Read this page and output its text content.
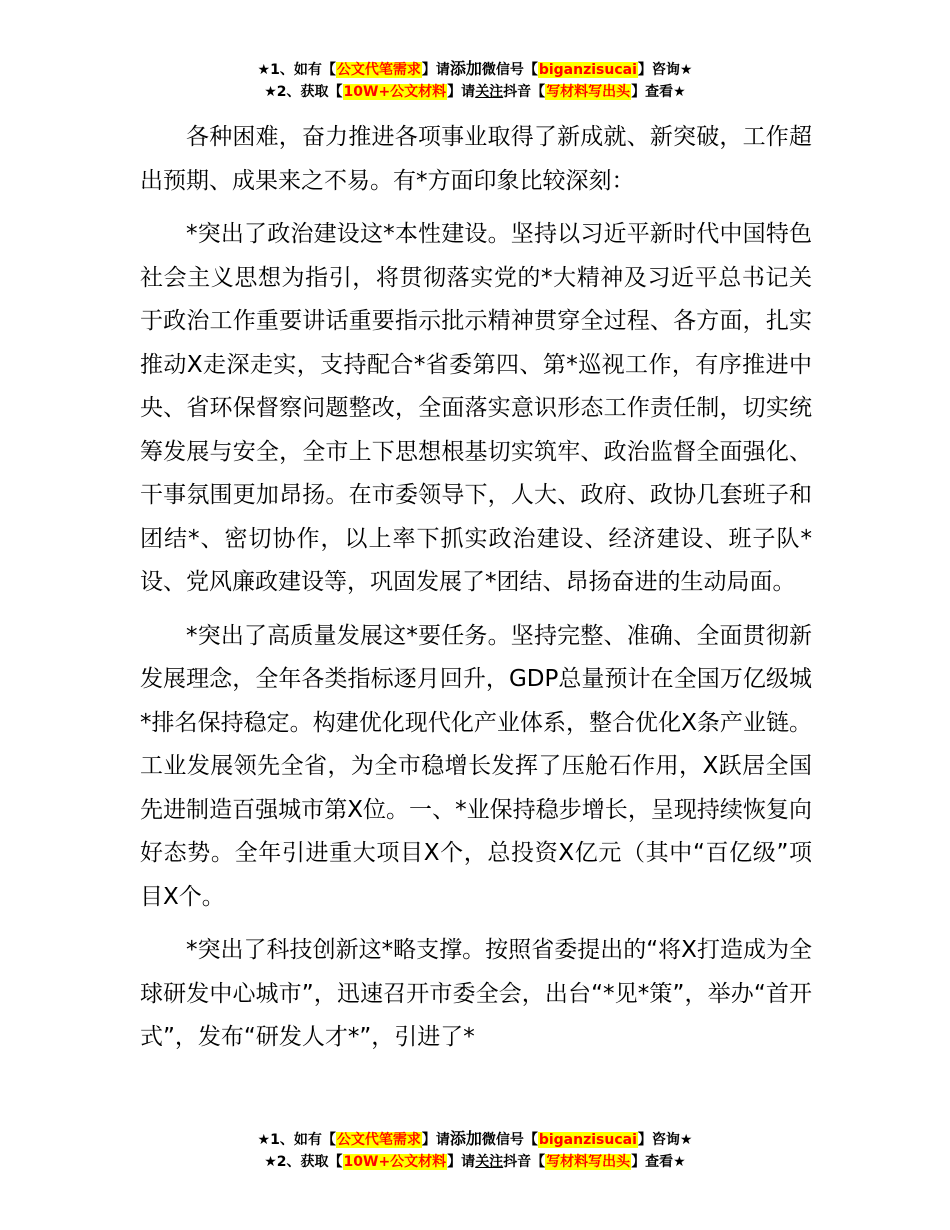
★1、如有【公文代笔需求】请添加微信号【biganzisucai】咨询★
★2、获取【10W+公文材料】请关注抖音【写材料写出头】查看★

各种困难，奋力推进各项事业取得了新成就、新突破，工作超出预期、成果来之不易。有*方面印象比较深刻：

*突出了政治建设这*本性建设。坚持以习近平新时代中国特色社会主义思想为指引，将贯彻落实党的*大精神及习近平总书记关于政治工作重要讲话重要指示批示精神贯穿全过程、各方面，扎实推动X走深走实，支持配合*省委第四、第*巡视工作，有序推进中央、省环保督察问题整改，全面落实意识形态工作责任制，切实统筹发展与安全，全市上下思想根基切实筑牢、政治监督全面强化、干事氛围更加昂扬。在市委领导下，人大、政府、政协几套班子和团结*、密切协作，以上率下抓实政治建设、经济建设、班子队*设、党风廉政建设等，巩固发展了*团结、昂扬奋进的生动局面。

*突出了高质量发展这*要任务。坚持完整、准确、全面贯彻新发展理念，全年各类指标逐月回升，GDP总量预计在全国万亿级城*排名保持稳定。构建优化现代化产业体系，整合优化X条产业链。工业发展领先全省，为全市稳增长发挥了压舱石作用，X跃居全国先进制造百强城市第X位。一、*业保持稳步增长，呈现持续恢复向好态势。全年引进重大项目X个，总投资X亿元（其中“百亿级”项目X个。

*突出了科技创新这*略支撑。按照省委提出的“将X打造成为全球研发中心城市”，迅速召开市委全会，出台“*见*策”，举办“首开式”，发布“研发人才*”，引进了*

★1、如有【公文代笔需求】请添加微信号【biganzisucai】咨询★
★2、获取【10W+公文材料】请关注抖音【写材料写出头】查看★
